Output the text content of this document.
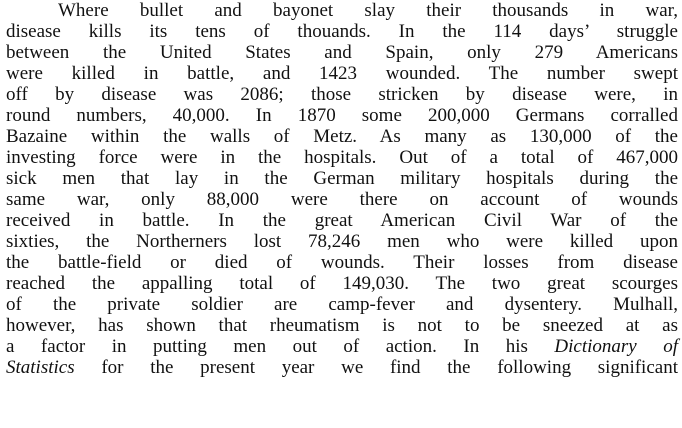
Where bullet and bayonet slay their thousands in war,
disease kills its tens of thouands. In the 114 days’ struggle
between the United States and Spain, only 279 Americans
were killed in battle, and 1423 wounded. The number swept
off by disease was 2086; those stricken by disease were, in
round numbers, 40,000. In 1870 some 200,000 Germans corralled
Bazaine within the walls of Metz. As many as 130,000 of the
investing force were in the hospitals. Out of a total of 467,000
sick men that lay in the German military hospitals during the
same war, only 88,000 were there on account of wounds
received in battle. In the great American Civil War of the
sixties, the Northerners lost 78,246 men who were killed upon
the battle-field or died of wounds. Their losses from disease
reached the appalling total of 149,030. The two great scourges
of the private soldier are camp-fever and dysentery. Mulhall,
however, has shown that rheumatism is not to be sneezed at as
a factor in putting men out of action. In his Dictionary of
Statistics for the present year we find the following significant
